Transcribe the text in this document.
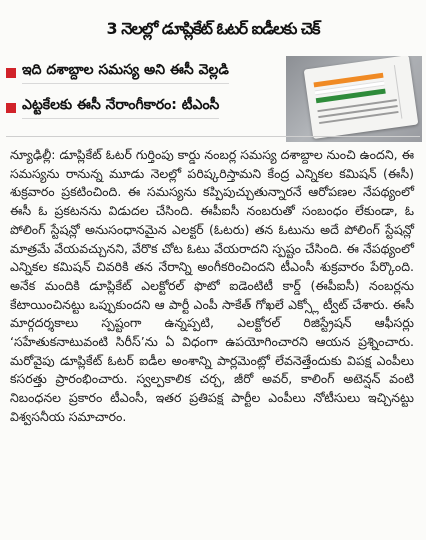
3 నెలల్లో డూప్లికేట్ ఓటర్ ఐడీలకు చెక్
ఇది దశాబ్దాల సమస్య అని ఈసీ వెల్లడి
ఎట్టకేలకు ఈసీ నేరాంగీకారం: టీఎంసీ

న్యూఢిల్లీ: డూప్లికేట్ ఓటర్ గుర్తింపు కార్డు నంబర్ల సమస్య దశాబ్దాల నుంచి ఉందని, ఈ సమస్యను రానున్న మూడు నెలల్లో పరిష్కరిస్తామని కేంద్ర ఎన్నికల కమిషన్ (ఈసీ) శుక్రవారం ప్రకటించింది. ఈ సమస్యను కప్పిపుచ్చుతున్నారనే ఆరోపణల నేపథ్యంలో ఈసీ ఓ ప్రకటనను విడుదల చేసింది. ఈపీఐసీ నంబరుతో సంబంధం లేకుండా, ఓ పోలింగ్ స్టేషన్లో అనుసంధానమైన ఎలక్టర్ (ఓటరు) తన ఓటును అదే పోలింగ్ స్టేషన్లో మాత్రమే వేయవచ్చునని, వేరొక చోట ఓటు వేయరాదని స్పష్టం చేసింది. ఈ నేపథ్యంలో ఎన్నికల కమిషన్ చివరికి తన నేరాన్ని అంగీకరించిందని టీఎంసీ శుక్రవారం పేర్కొంది. అనేక మందికి డూప్లికేట్ ఎలక్టోరల్ ఫొటో ఐడెంటిటీ కార్డ్ (ఈపీఐసీ) నంబర్లను కేటాయించినట్టు ఒప్పుకుందని ఆ పార్టీ ఎంపీ సాకేత్ గోఖలే ఎక్స్లో ట్వీట్ చేశారు. ఈసీ మార్గదర్శకాలు స్పష్టంగా ఉన్నప్పటి, ఎలక్టోరల్ రిజిస్ట్రేషన్ ఆఫీసర్లు ‘సహేతుకనాటువంటి సిరీస్’ను ఏ విధంగా ఉపయోగించారని ఆయన ప్రశ్నించారు. మరోవైపు డూప్లికేట్ ఓటర్ ఐడీల అంశాన్ని పార్లమెంట్లో లేవనెత్తేందుకు విపక్ష ఎంపీలు కసరత్తు ప్రారంభించారు. స్వల్పకాలిక చర్చ, జీరో అవర్, కాలింగ్ అటెన్షన్ వంటి నిబంధనల ప్రకారం టీఎంసీ, ఇతర ప్రతిపక్ష పార్టీల ఎంపీలు నోటీసులు ఇచ్చినట్టు విశ్వసనీయ సమాచారం.
